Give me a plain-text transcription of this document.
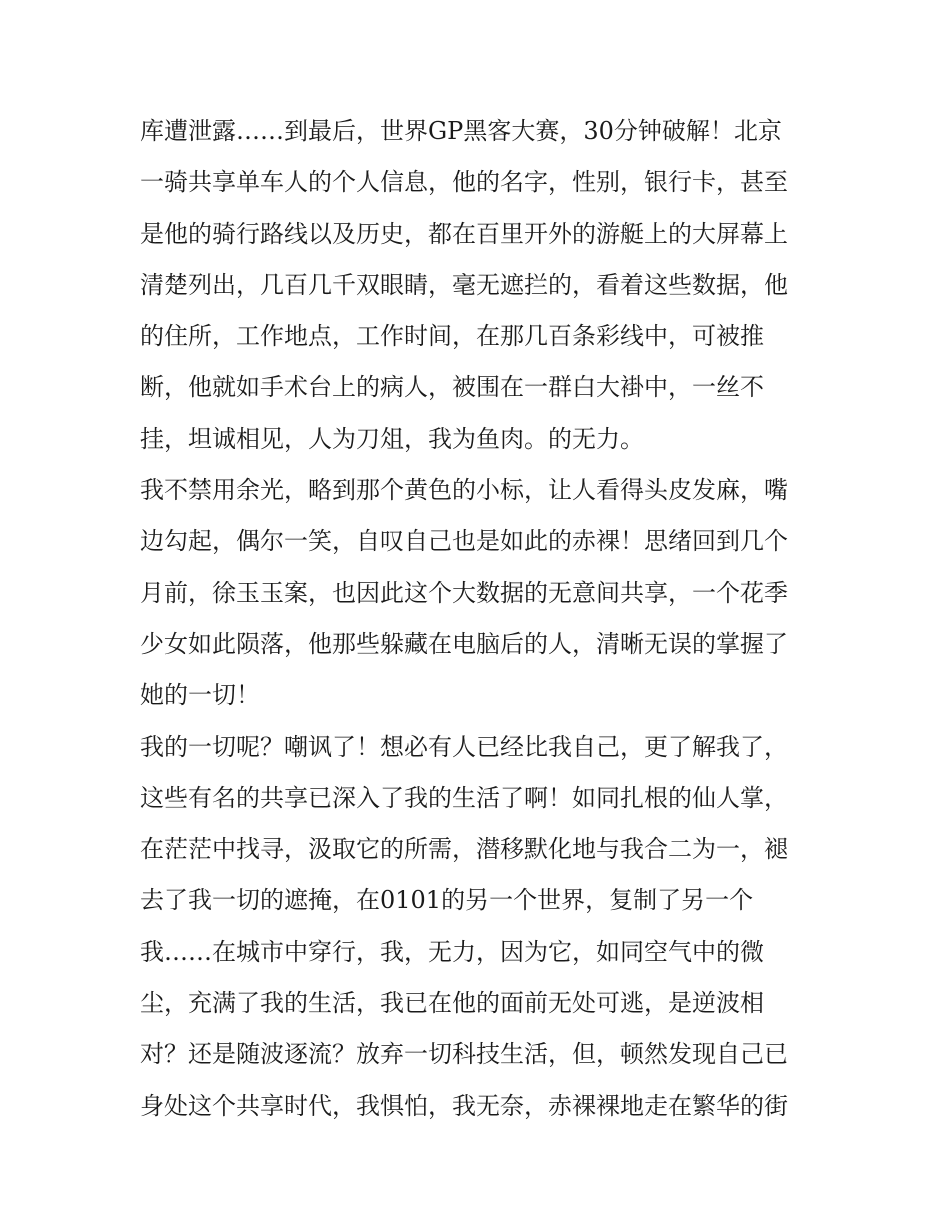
库遭泄露……到最后，世界GP黑客大赛，30分钟破解！北京
一骑共享单车人的个人信息，他的名字，性别，银行卡，甚至
是他的骑行路线以及历史，都在百里开外的游艇上的大屏幕上
清楚列出，几百几千双眼睛，毫无遮拦的，看着这些数据，他
的住所，工作地点，工作时间，在那几百条彩线中，可被推
断，他就如手术台上的病人，被围在一群白大褂中，一丝不
挂，坦诚相见，人为刀俎，我为鱼肉。的无力。
我不禁用余光，略到那个黄色的小标，让人看得头皮发麻，嘴
边勾起，偶尔一笑，自叹自己也是如此的赤裸！思绪回到几个
月前，徐玉玉案，也因此这个大数据的无意间共享，一个花季
少女如此陨落，他那些躲藏在电脑后的人，清晰无误的掌握了
她的一切！
我的一切呢？嘲讽了！想必有人已经比我自己，更了解我了，
这些有名的共享已深入了我的生活了啊！如同扎根的仙人掌，
在茫茫中找寻，汲取它的所需，潜移默化地与我合二为一，褪
去了我一切的遮掩，在0101的另一个世界，复制了另一个
我……在城市中穿行，我，无力，因为它，如同空气中的微
尘，充满了我的生活，我已在他的面前无处可逃，是逆波相
对？还是随波逐流？放弃一切科技生活，但，顿然发现自己已
身处这个共享时代，我惧怕，我无奈，赤裸裸地走在繁华的街
